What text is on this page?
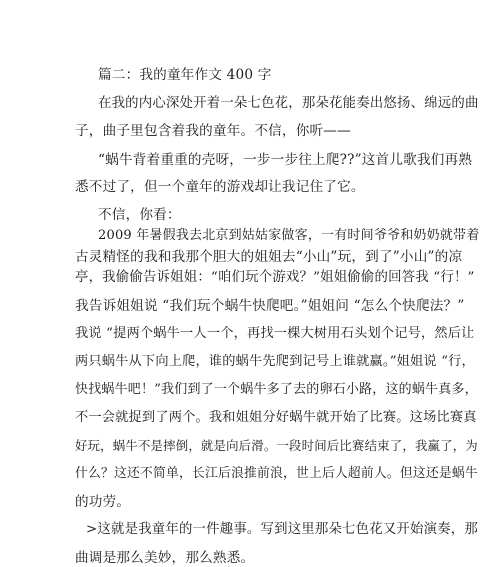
篇二：我的童年作文 400 字
在我的内心深处开着一朵七色花，那朵花能奏出悠扬、绵远的曲
子，曲子里包含着我的童年。不信，你听——
“蜗牛背着重重的壳呀，一步一步往上爬??”这首儿歌我们再熟
悉不过了，但一个童年的游戏却让我记住了它。
不信，你看：
2009 年暑假我去北京到姑姑家做客，一有时间爷爷和奶奶就带着
古灵精怪的我和我那个胆大的姐姐去“小山”玩，到了”小山”的凉
亭，我偷偷告诉姐姐：“咱们玩个游戏？”姐姐偷偷的回答我 “行！”
我告诉姐姐说 “我们玩个蜗牛快爬吧。”姐姐问 “怎么个快爬法？”
我说 “提两个蜗牛一人一个，再找一棵大树用石头划个记号，然后让
两只蜗牛从下向上爬，谁的蜗牛先爬到记号上谁就赢。”姐姐说 “行，
快找蜗牛吧！”我们到了一个蜗牛多了去的卵石小路，这的蜗牛真多，
不一会就捉到了两个。我和姐姐分好蜗牛就开始了比赛。这场比赛真
好玩，蜗牛不是摔倒，就是向后滑。一段时间后比赛结束了，我赢了，为
什么？这还不简单，长江后浪推前浪，世上后人超前人。但这还是蜗牛
的功劳。
>这就是我童年的一件趣事。写到这里那朵七色花又开始演奏，那
曲调是那么美妙，那么熟悉。
